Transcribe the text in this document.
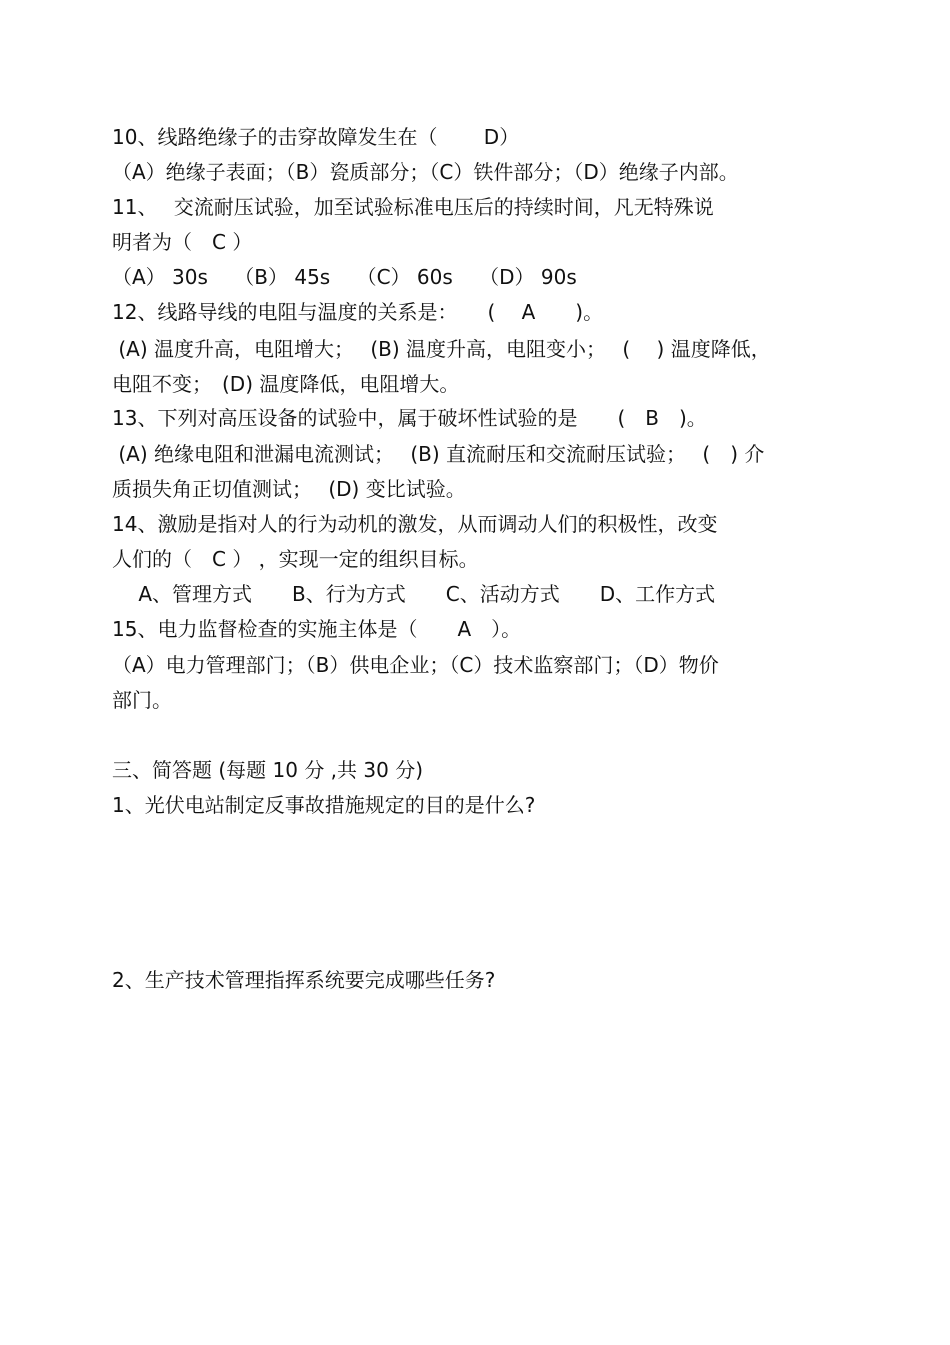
10、线路绝缘子的击穿故障发生在（　　 D）
（A）绝缘子表面；（B）瓷质部分；（C）铁件部分；（D）绝缘子内部。
11、　 交流耐压试验，加至试验标准电压后的持续时间，凡无特殊说
明者为（　C ）
（A） 30s　 （B） 45s　 （C） 60s　 （D） 90s
12、线路导线的电阻与温度的关系是：　　(　 A　　)。
(A) 温度升高，电阻增大；　 (B) 温度升高，电阻变小；　 (　 ) 温度降低，
电阻不变；　(D) 温度降低，电阻增大。
13、下列对高压设备的试验中，属于破坏性试验的是　　(　B　)。
(A) 绝缘电阻和泄漏电流测试；　 (B) 直流耐压和交流耐压试验；　 (　) 介
质损失角正切值测试；　 (D) 变比试验。
14、激励是指对人的行为动机的激发，从而调动人们的积极性，改变
人们的（　C ） ，实现一定的组织目标。
　 A、管理方式　　B、行为方式　　C、活动方式　　D、工作方式
15、电力监督检查的实施主体是（　　A　）。
（A）电力管理部门；（B）供电企业；（C）技术监察部门；（D）物价
部门。
三、简答题 (每题 10 分 ,共 30 分)
1、光伏电站制定反事故措施规定的目的是什么?
2、生产技术管理指挥系统要完成哪些任务?
